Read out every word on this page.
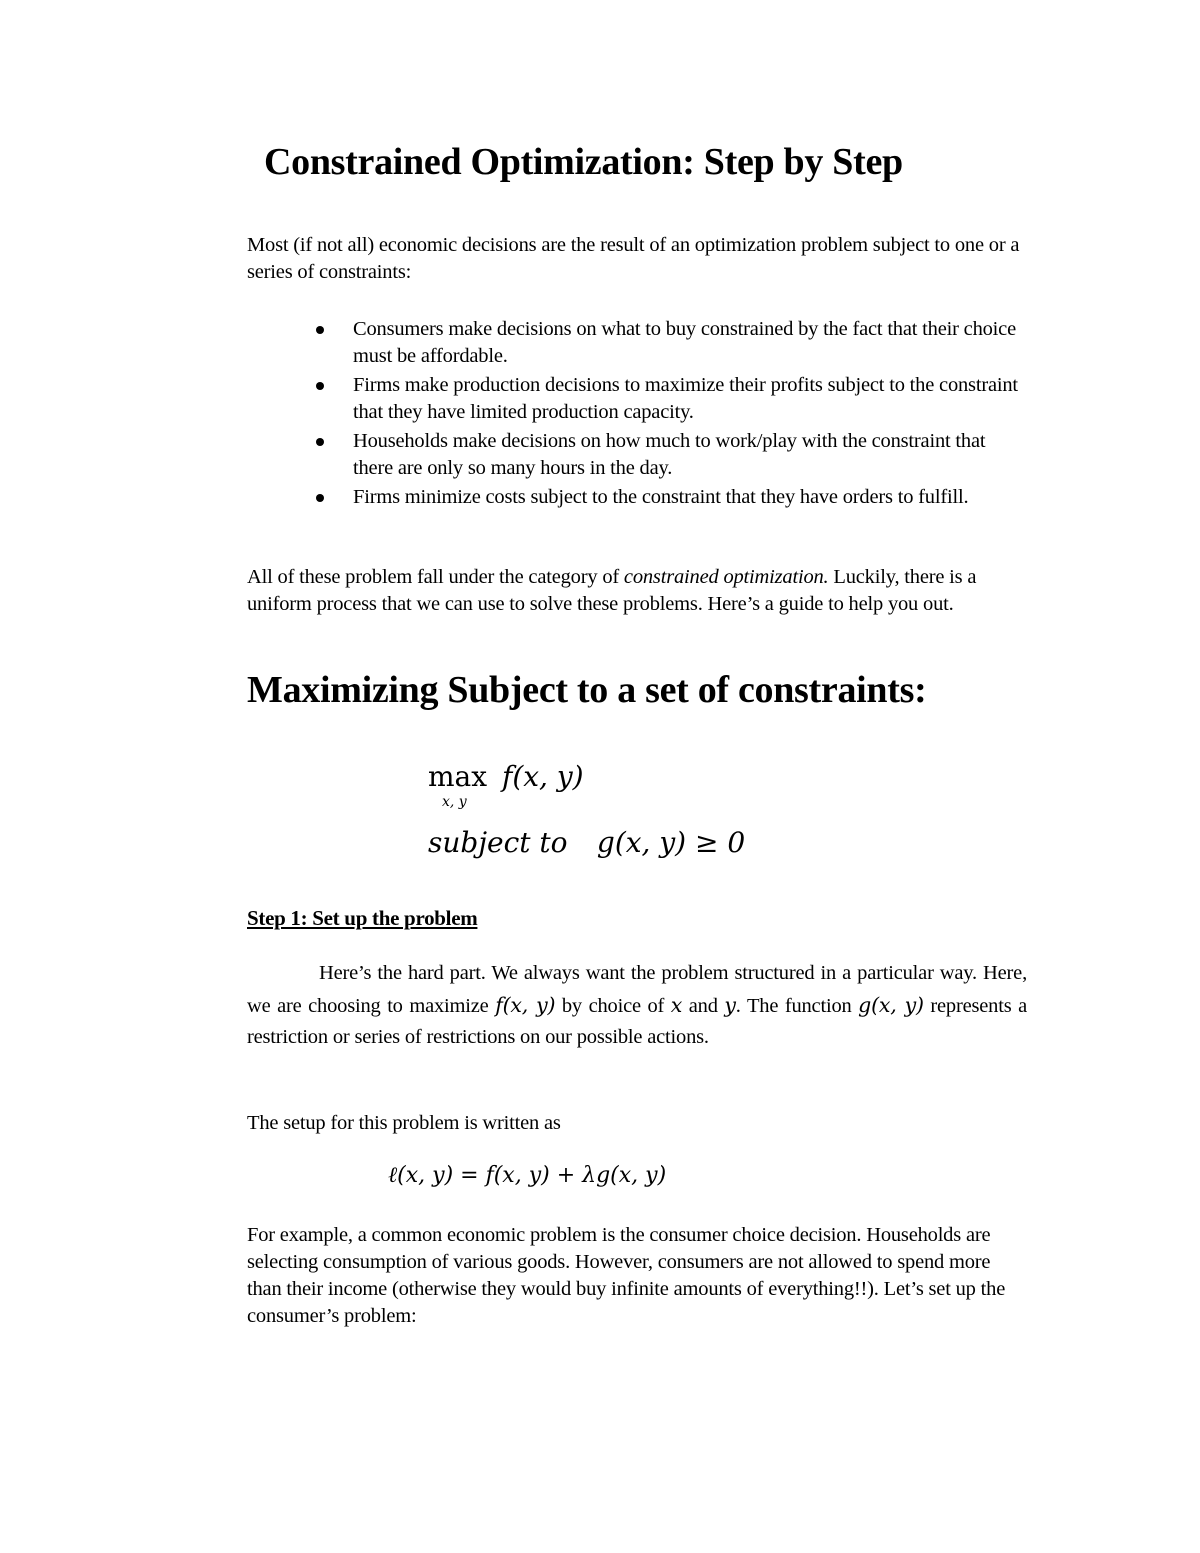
Constrained Optimization: Step by Step
Most (if not all) economic decisions are the result of an optimization problem subject to one or a series of constraints:
Consumers make decisions on what to buy constrained by the fact that their choice must be affordable.
Firms make production decisions to maximize their profits subject to the constraint that they have limited production capacity.
Households make decisions on how much to work/play with the constraint that there are only so many hours in the day.
Firms minimize costs subject to the constraint that they have orders to fulfill.
All of these problem fall under the category of constrained optimization. Luckily, there is a uniform process that we can use to solve these problems. Here’s a guide to help you out.
Maximizing Subject to a set of constraints:
max
x, y
f(x, y)
subject to g(x, y) ≥ 0
Step 1: Set up the problem
Here’s the hard part. We always want the problem structured in a particular way. Here, we are choosing to maximize f(x, y) by choice of x and y. The function g(x, y) represents a restriction or series of restrictions on our possible actions.
The setup for this problem is written as
ℓ(x, y) = f(x, y) + λg(x, y)
For example, a common economic problem is the consumer choice decision. Households are selecting consumption of various goods. However, consumers are not allowed to spend more than their income (otherwise they would buy infinite amounts of everything!!). Let’s set up the consumer’s problem:
